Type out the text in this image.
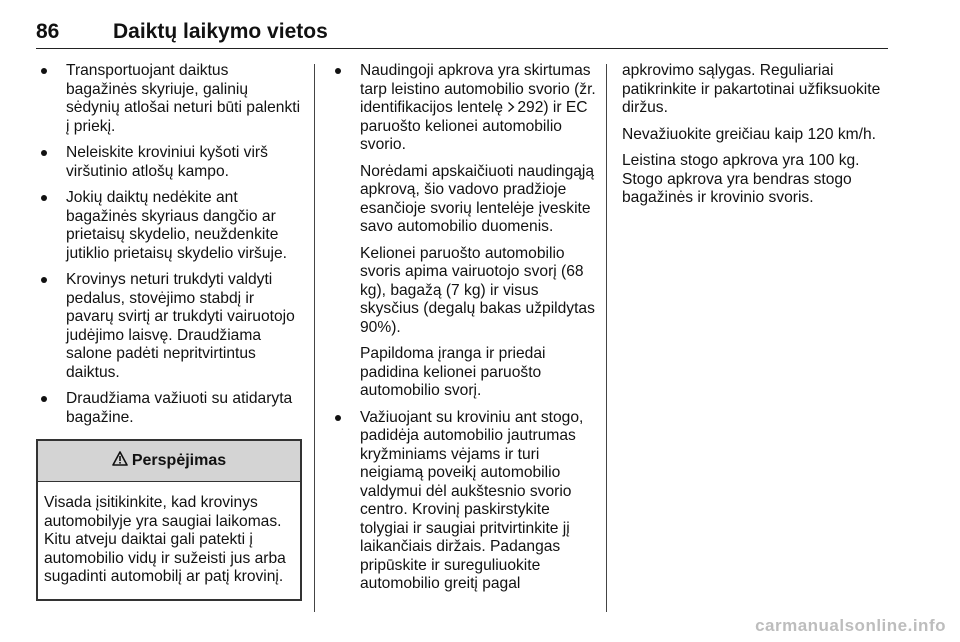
86	Daiktų laikymo vietos
Transportuojant daiktus bagažinės skyriuje, galinių sėdynių atlošai neturi būti palenkti į priekį.
Neleiskite kroviniui kyšoti virš viršutinio atlošų kampo.
Jokių daiktų nedėkite ant bagažinės skyriaus dangčio ar prietaisų skydelio, neuždenkite jutiklio prietaisų skydelio viršuje.
Krovinys neturi trukdyti valdyti pedalus, stovėjimo stabdį ir pavarų svirtį ar trukdyti vairuotojo judėjimo laisvę. Draudžiama salone padėti nepritvirtintus daiktus.
Draudžiama važiuoti su atidaryta bagažine.
Perspėjimas
Visada įsitikinkite, kad krovinys automobilyje yra saugiai laikomas. Kitu atveju daiktai gali patekti į automobilio vidų ir sužeisti jus arba sugadinti automobilį ar patį krovinį.
Naudingoji apkrova yra skirtumas tarp leistino automobilio svorio (žr. identifikacijos lentelę 292) ir EC paruošto kelionei automobilio svorio.

Norėdami apskaičiuoti naudingąją apkrovą, šio vadovo pradžioje esančioje svorių lentelėje įveskite savo automobilio duomenis.

Kelionei paruošto automobilio svoris apima vairuotojo svorį (68 kg), bagažą (7 kg) ir visus skysčius (degalų bakas užpildytas 90%).

Papildoma įranga ir priedai padidina kelionei paruošto automobilio svorį.

Važiuojant su kroviniu ant stogo, padidėja automobilio jautrumas kryžminiams vėjams ir turi neigiamą poveikį automobilio valdymui dėl aukštesnio svorio centro. Krovinį paskirstykite tolygiai ir saugiai pritvirtinkite jį laikančiais diržais. Padangas pripūskite ir sureguliuokite automobilio greitį pagal

apkrovimo sąlygas. Reguliariai patikrinkite ir pakartotinai užfiksuokite diržus.

Nevažiuokite greičiau kaip 120 km/h.

Leistina stogo apkrova yra 100 kg. Stogo apkrova yra bendras stogo bagažinės ir krovinio svoris.

carmanualsonline.info
